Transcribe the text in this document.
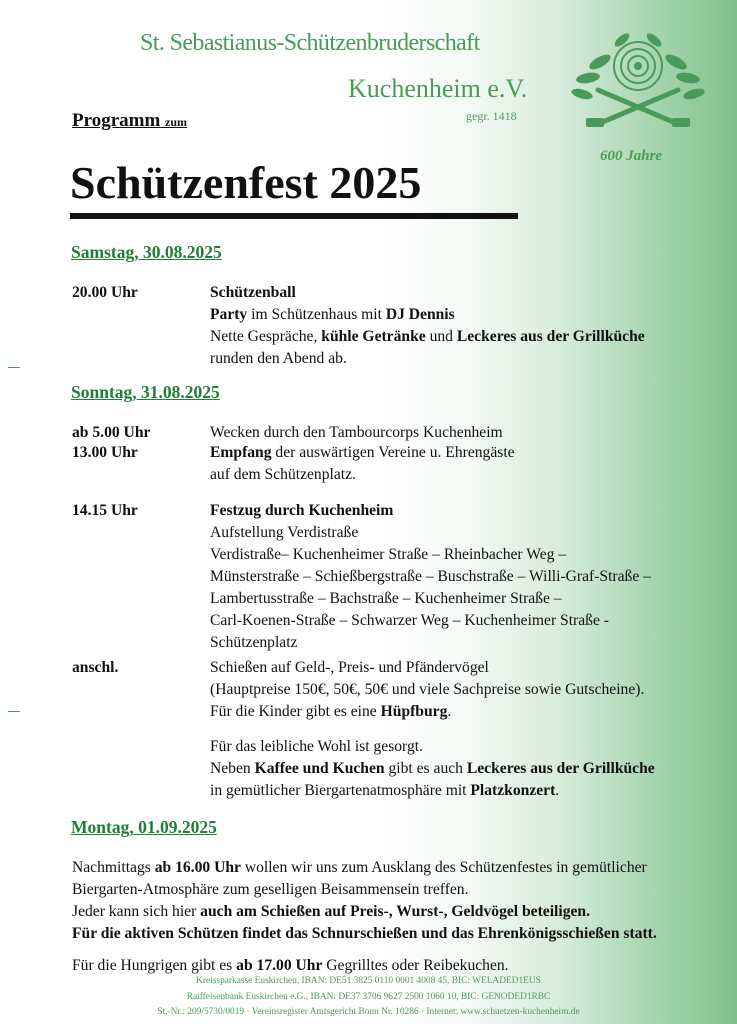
St. Sebastianus-Schützenbruderschaft
Kuchenheim e.V.
gegr. 1418
600 Jahre
Programm zum
Schützenfest 2025
Samstag, 30.08.2025
20.00 Uhr	Schützenball
Party im Schützenhaus mit DJ Dennis
Nette Gespräche, kühle Getränke und Leckeres aus der Grillküche
runden den Abend ab.
Sonntag, 31.08.2025
ab 5.00 Uhr	Wecken durch den Tambourcorps Kuchenheim
13.00 Uhr	Empfang der auswärtigen Vereine u. Ehrengäste
auf dem Schützenplatz.
14.15 Uhr	Festzug durch Kuchenheim
Aufstellung Verdistraße
Verdistraße– Kuchenheimer Straße – Rheinbacher Weg –
Münsterstraße – Schießbergstraße – Buschstraße – Willi-Graf-Straße –
Lambertusstraße – Bachstraße – Kuchenheimer Straße –
Carl-Koenen-Straße – Schwarzer Weg – Kuchenheimer Straße -
Schützenplatz
anschl.	Schießen auf Geld-, Preis- und Pfändervögel
(Hauptpreise 150€, 50€, 50€ und viele Sachpreise sowie Gutscheine).
Für die Kinder gibt es eine Hüpfburg.
Für das leibliche Wohl ist gesorgt.
Neben Kaffee und Kuchen gibt es auch Leckeres aus der Grillküche
in gemütlicher Biergartenatmosphäre mit Platzkonzert.
Montag, 01.09.2025
Nachmittags ab 16.00 Uhr wollen wir uns zum Ausklang des Schützenfestes in gemütlicher
Biergarten-Atmosphäre zum geselligen Beisammensein treffen.
Jeder kann sich hier auch am Schießen auf Preis-, Wurst-, Geldvögel beteiligen.
Für die aktiven Schützen findet das Schnurschießen und das Ehrenkönigsschießen statt.
Für die Hungrigen gibt es ab 17.00 Uhr Gegrilltes oder Reibekuchen.
Kreissparkasse Euskirchen, IBAN: DE51 3825 0110 0001 4008 45, BIC: WELADED1EUS
Raiffeisenbank Euskirchen e.G., IBAN: DE37 3706 9627 2500 1060 10, BIC: GENODED1RBC
St.-Nr.: 209/5730/0019 · Vereinsregister Amtsgericht Bonn Nr. 10286 · Internet: www.schuetzen-kuchenheim.de
